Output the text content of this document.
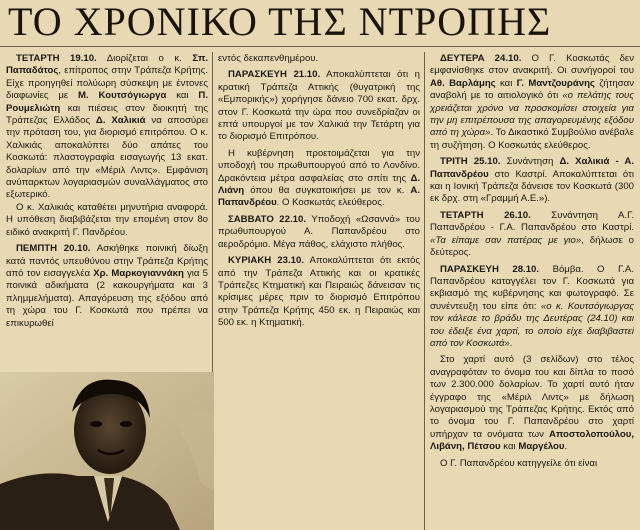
ΤΟ ΧΡΟΝΙΚΟ ΤΗΣ ΝΤΡΟΠΗΣ

ΤΕΤΑΡΤΗ 19.10. Διορίζεται ο κ. Σπ. Παπαδάτος, επίτροπος στην Τράπεζα Κρήτης. Είχε προηγηθεί πολύωρη σύσκεψη με έντονες διαφωνίες με Μ. Κουτσόγιωργα και Π. Ρουμελιώτη και πιέσεις στον διοικητή της Τράπεζας Ελλάδος Δ. Χαλικιά να αποσύρει την πρόταση του, για διορισμό επιτρόπου. Ο κ. Χαλικιάς αποκαλύπτει δύο απάτες του Κοσκωτά: πλαστογραφία εισαγωγής 13 εκατ. δολαρίων από την «Μέριλ Λιντς». Εμφάνιση ανύπαρκτων λογαριασμών συναλλάγματος στο εξωτερικό.

Ο κ. Χαλικιάς καταθέτει μηνυτήρια αναφορά. Η υπόθεση διαβιβάζεται την επομένη στον 8ο ειδικό ανακριτή Γ. Πανδρέου.

ΠΕΜΠΤΗ 20.10. Ασκήθηκε ποινική δίωξη κατά παντός υπευθύνου στην Τράπεζα Κρήτης από τον εισαγγελέα Χρ. Μαρκογιαννάκη για 5 ποινικά αδικήματα (2 κακουργήματα και 3 πλημμελήματα). Απαγόρευση της εξόδου από τη χώρα του Γ. Κοσκωτά που πρέπει να επικυρωθεί

εντός δεκαπενθημέρου.

ΠΑΡΑΣΚΕΥΗ 21.10. Αποκαλύπτεται ότι η κρατική Τράπεζα Αττικής (θυγατρική της «Εμπορικής») χορήγησε δάνειο 700 εκατ. δρχ. στον Γ. Κοσκωτά την ώρα που συνεδρίαζαν οι επτά υπουργοί με τον Χαλικιά την Τετάρτη για το διορισμό Επιτρόπου.

Η κυβέρνηση προετοιμάζεται για την υποδοχή του πρωθυπουργού από το Λονδίνο. Δρακόντεια μέτρα ασφαλείας στο σπίτι της Δ. Λιάνη όπου θα συγκατοικήσει με τον κ. Α. Παπανδρέου. Ο Κοσκωτάς ελεύθερος.

ΣΑΒΒΑΤΟ 22.10. Υποδοχή «Ωσαννά» του πρωθυπουργού Α. Παπανδρέου στο αεροδρόμιο. Μέγα πάθος, ελάχιστο πλήθος.

ΚΥΡΙΑΚΗ 23.10. Αποκαλύπτεται ότι εκτός από την Τράπεζα Αττικής και οι κρατικές Τράπεζες Κτηματική και Πειραιώς δάνεισαν τις κρίσιμες μέρες πριν το διορισμό Επιτρόπου στην Τράπεζα Κρήτης 450 εκ. η Πειραιώς και 500 εκ. η Κτηματική.

ΔΕΥΤΕΡΑ 24.10. Ο Γ. Κοσκωτάς δεν εμφανίσθηκε στον ανακριτή. Οι συνήγοροί του Αθ. Βαρλάμης και Γ. Μαντζουράνης ζήτησαν αναβολή με το αιτιολογικό ότι «ο πελάτης τους χρειάζεται χρόνο να προσκομίσει στοιχεία για την μη επιτρέπουσα της απαγορευμένης εξόδου από τη χώρα». Το Δικαστικό Συμβούλιο ανέβαλε τη συζήτηση. Ο Κοσκωτάς ελεύθερος.

ΤΡΙΤΗ 25.10. Συνάντηση Δ. Χαλικιά - Α. Παπανδρέου στο Καστρί. Αποκαλύπτεται ότι και η Ιονική Τράπεζα δάνεισε τον Κοσκωτά (300 εκ δρχ. στη «Γραμμή Α.Ε.»).

ΤΕΤΑΡΤΗ 26.10. Συνάντηση Α.Γ. Παπανδρέου - Γ.Α. Παπανδρέου στο Καστρί. «Τα είπαμε σαν πατέρας με γιο», δήλωσε ο δεύτερος.

ΠΑΡΑΣΚΕΥΗ 28.10. Βόμβα. Ο Γ.Α. Παπανδρέου καταγγέλει τον Γ. Κοσκωτά για εκβιασμό της κυβέρνησης και φωτογραφό. Σε συνέντευξη του είπε ότι: «ο κ. Κουτσόγιωργας τον κάλεσε το βράδυ της Δευτέρας (24.10) και του έδειξε ένα χαρτί, το οποίο είχε διαβιβαστεί από τον Κοσκωτά».

Στο χαρτί αυτό (3 σελίδων) στο τέλος αναγραφόταν το όνομα του και δίπλα το ποσό των 2.300.000 δολαρίων. Το χαρτί αυτό ήταν έγγραφο της «Μέριλ Λιντς» με δήλωση λογαριασμού της Τράπεζας Κρήτης. Εκτός από το όνομα του Γ. Παπανδρέου στο χαρτί υπήρχαν τα ονόματα των Αποστολοπούλου, Λιβάνη, Πέτσου και Μαργέλου.

Ο Γ. Παπανδρέου κατηγγείλε ότι είναι
